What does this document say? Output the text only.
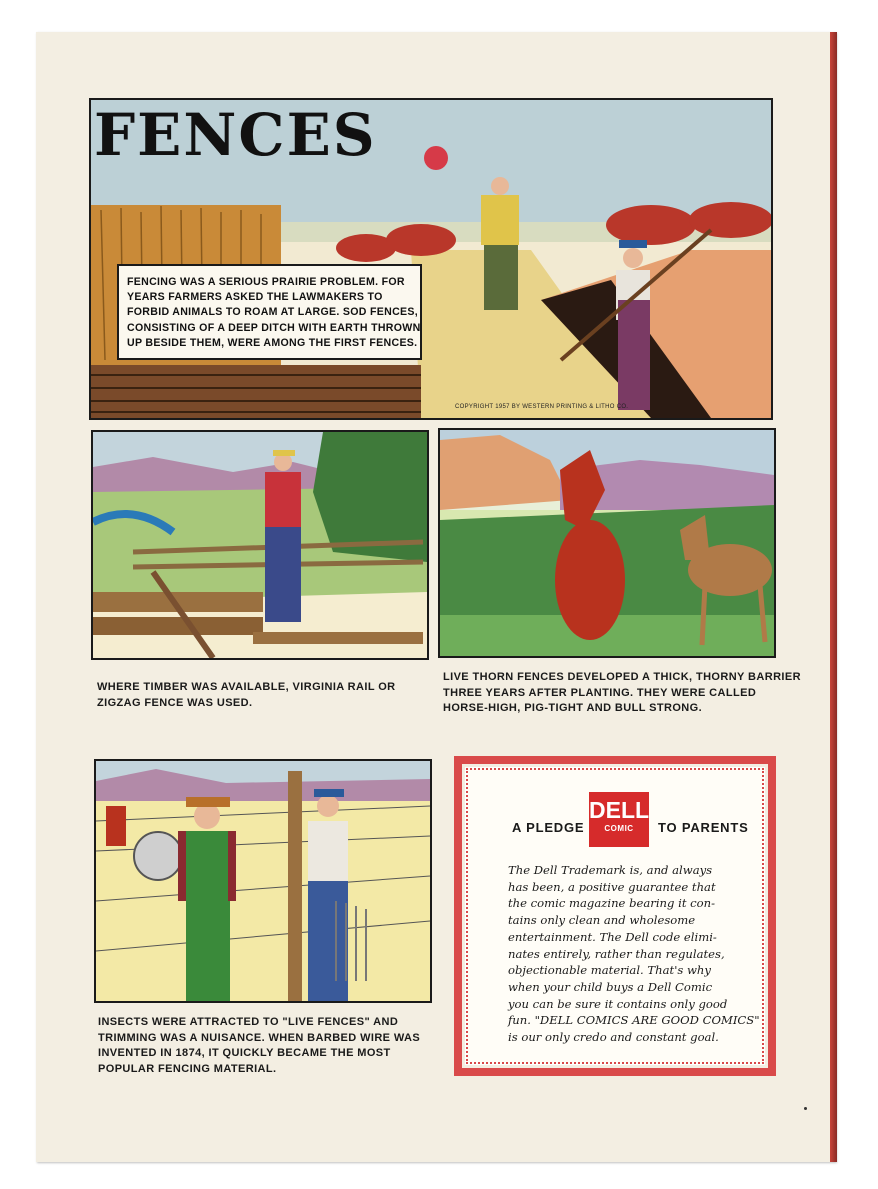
FENCES
FENCING WAS A SERIOUS PRAIRIE PROBLEM. FOR
YEARS FARMERS ASKED THE LAWMAKERS TO
FORBID ANIMALS TO ROAM AT LARGE. SOD FENCES,
CONSISTING OF A DEEP DITCH WITH EARTH THROWN
UP BESIDE THEM, WERE AMONG THE FIRST FENCES.
COPYRIGHT 1957 BY WESTERN PRINTING & LITHO CO.
WHERE TIMBER WAS AVAILABLE, VIRGINIA RAIL OR
ZIGZAG FENCE WAS USED.
LIVE THORN FENCES DEVELOPED A THICK, THORNY BARRIER
THREE YEARS AFTER PLANTING. THEY WERE CALLED
HORSE-HIGH, PIG-TIGHT AND BULL STRONG.
INSECTS WERE ATTRACTED TO "LIVE FENCES" AND
TRIMMING WAS A NUISANCE. WHEN BARBED WIRE WAS
INVENTED IN 1874, IT QUICKLY BECAME THE MOST
POPULAR FENCING MATERIAL.
A PLEDGE
DELL
COMIC	TO PARENTS
The Dell Trademark is, and always
has been, a positive guarantee that
the comic magazine bearing it con-
tains only clean and wholesome
entertainment. The Dell code elimi-
nates entirely, rather than regulates,
objectionable material. That's why
when your child buys a Dell Comic
you can be sure it contains only good
fun. "DELL COMICS ARE GOOD COMICS"
is our only credo and constant goal.
